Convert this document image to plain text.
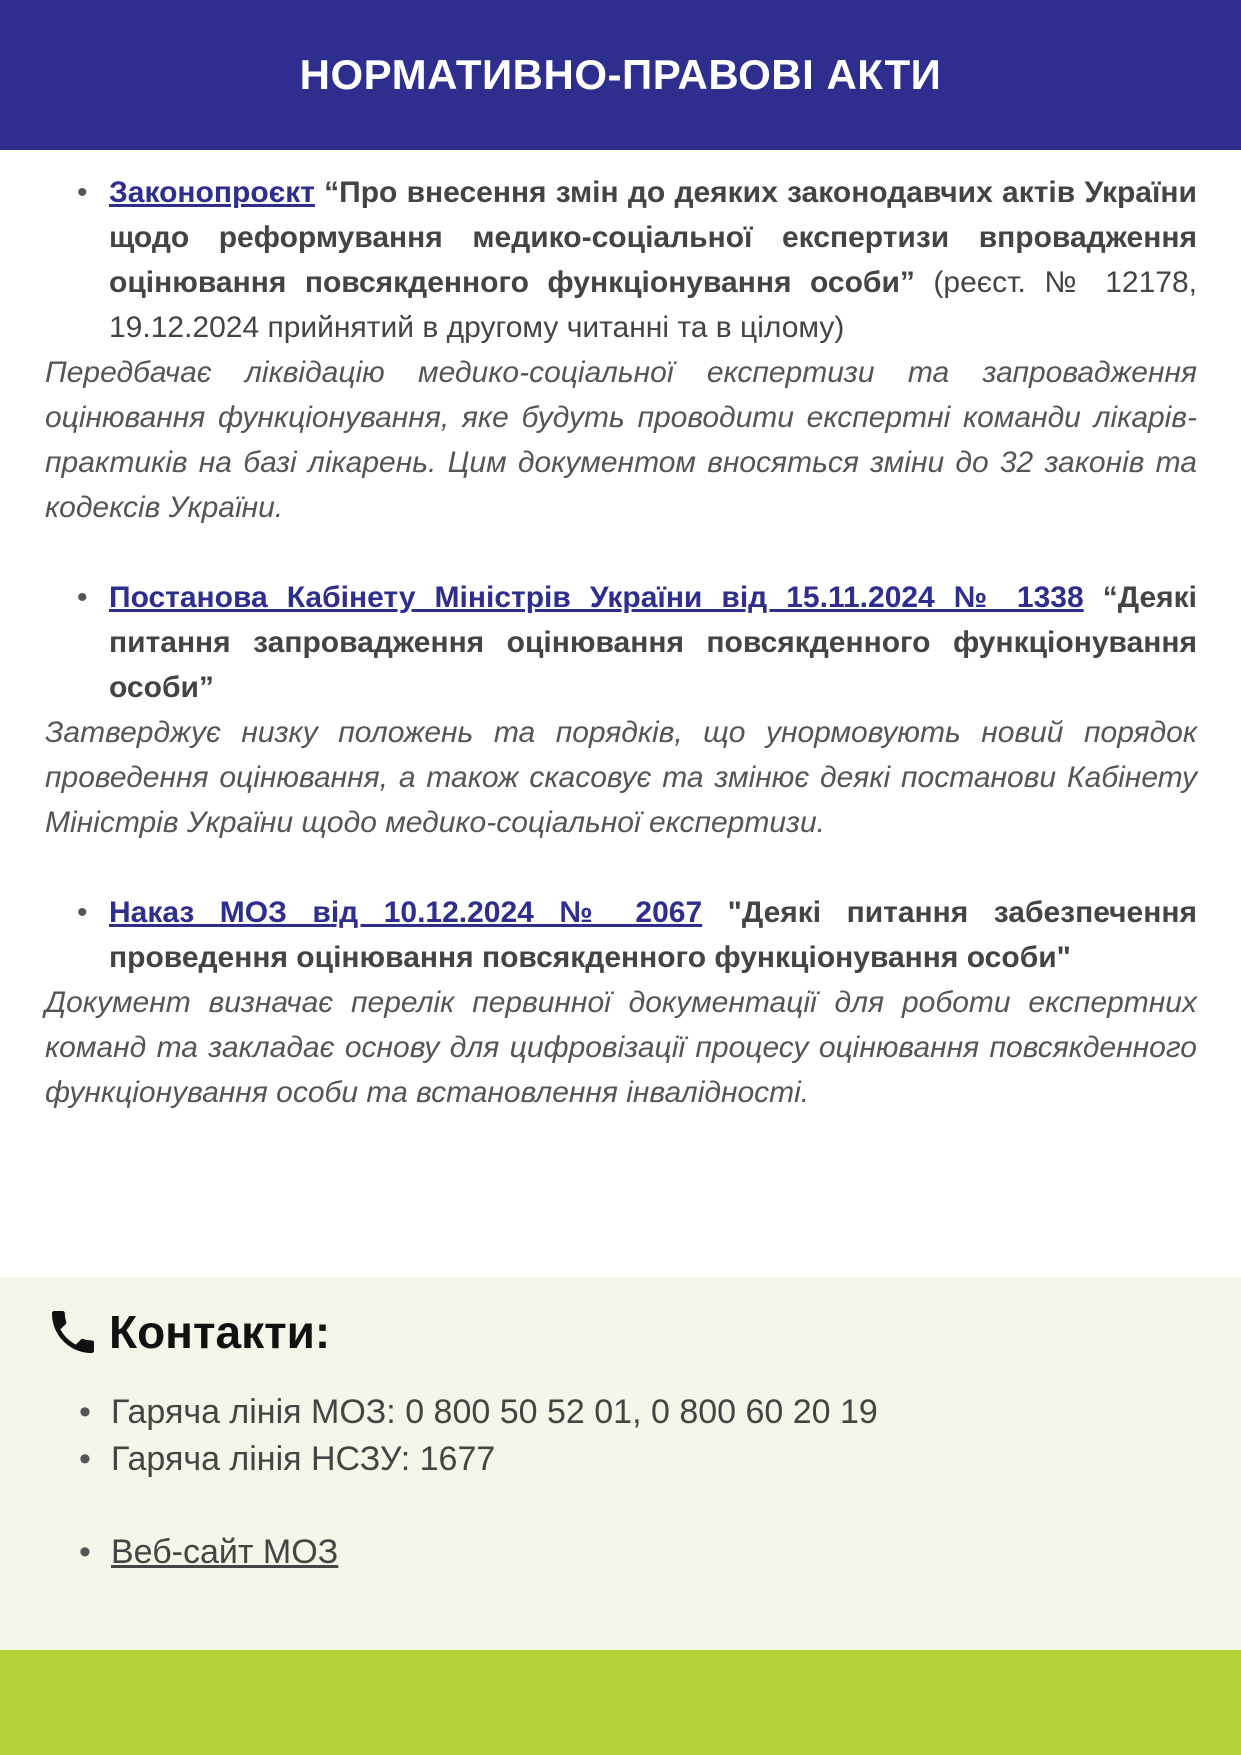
НОРМАТИВНО-ПРАВОВІ АКТИ
• Законопроєкт “Про внесення змін до деяких законодавчих актів України щодо реформування медико-соціальної експертизи впровадження оцінювання повсякденного функціонування особи” (реєст. № 12178, 19.12.2024 прийнятий в другому читанні та в цілому)

Передбачає ліквідацію медико-соціальної експертизи та запровадження оцінювання функціонування, яке будуть проводити експертні команди лікарів-практиків на базі лікарень. Цим документом вносяться зміни до 32 законів та кодексів України.

• Постанова Кабінету Міністрів України від 15.11.2024 № 1338 “Деякі питання запровадження оцінювання повсякденного функціонування особи”

Затверджує низку положень та порядків, що унормовують новий порядок проведення оцінювання, а також скасовує та змінює деякі постанови Кабінету Міністрів України щодо медико-соціальної експертизи.

• Наказ МОЗ від 10.12.2024 № 2067 "Деякі питання забезпечення проведення оцінювання повсякденного функціонування особи"

Документ визначає перелік первинної документації для роботи експертних команд та закладає основу для цифровізації процесу оцінювання повсякденного функціонування особи та встановлення інвалідності.

Контакти:
• Гаряча лінія МОЗ: 0 800 50 52 01, 0 800 60 20 19
• Гаряча лінія НСЗУ: 1677
• Веб-сайт МОЗ
